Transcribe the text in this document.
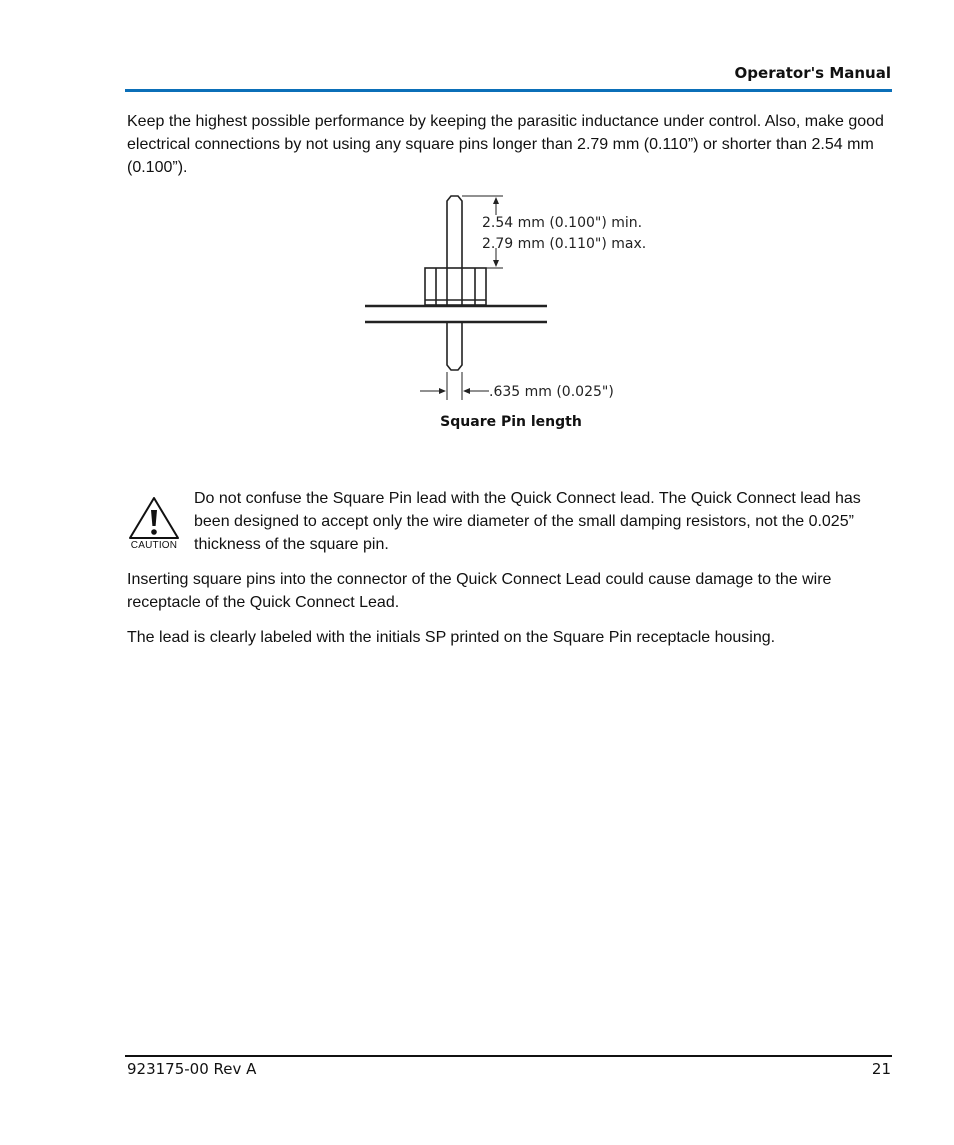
Operator's Manual

Keep the highest possible performance by keeping the parasitic inductance under control. Also, make good electrical connections by not using any square pins longer than 2.79 mm (0.110”) or shorter than 2.54 mm (0.100”).

2.54 mm (0.100") min.
2.79 mm (0.110") max.
.635 mm (0.025")
Square Pin length
CAUTION

Do not confuse the Square Pin lead with the Quick Connect lead. The Quick Connect lead has been designed to accept only the wire diameter of the small damping resistors, not the 0.025” thickness of the square pin.

Inserting square pins into the connector of the Quick Connect Lead could cause damage to the wire receptacle of the Quick Connect Lead.

The lead is clearly labeled with the initials SP printed on the Square Pin receptacle housing.

923175-00 Rev A	21
